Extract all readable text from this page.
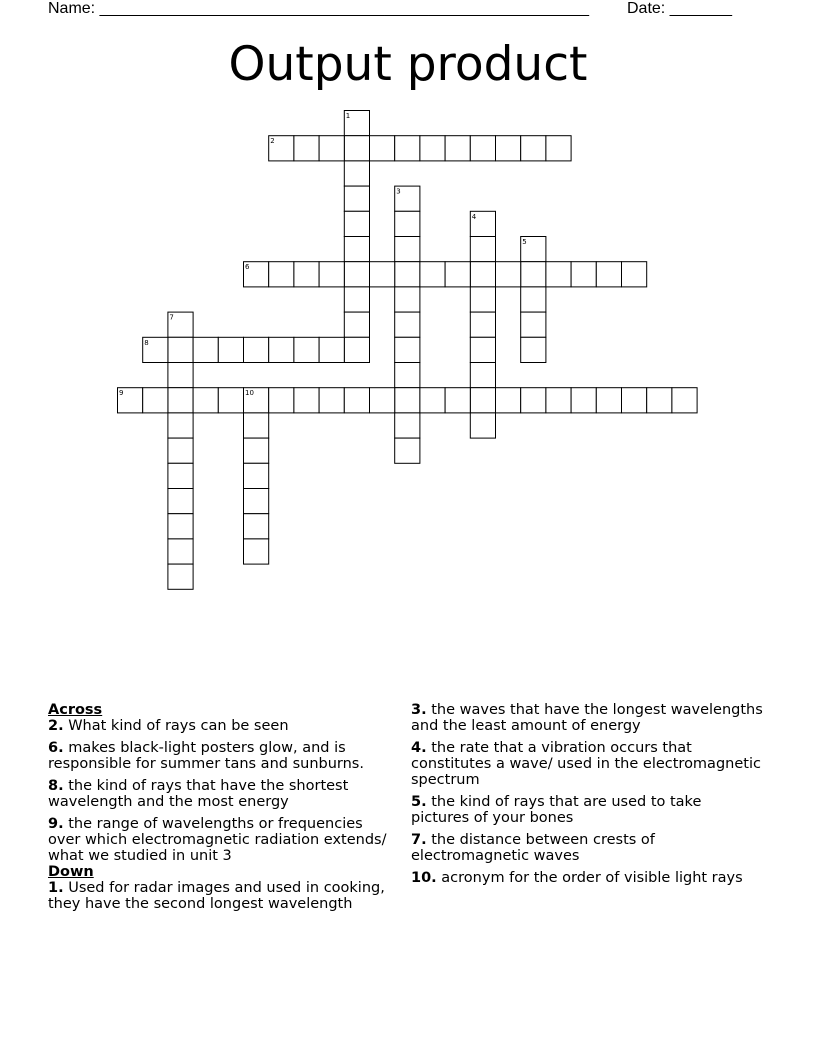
Name: _______________________________________________________ Date: _______
Output product
1
2
3
4
5
6
7
8
9	10
Across
2. What kind of rays can be seen
6. makes black-light posters glow, and is responsible for summer tans and sunburns.
8. the kind of rays that have the shortest wavelength and the most energy
9. the range of wavelengths or frequencies over which electromagnetic radiation extends/ what we studied in unit 3
Down
1. Used for radar images and used in cooking, they have the second longest wavelength
3. the waves that have the longest wavelengths and the least amount of energy
4. the rate that a vibration occurs that constitutes a wave/ used in the electromagnetic spectrum
5. the kind of rays that are used to take pictures of your bones
7. the distance between crests of electromagnetic waves
10. acronym for the order of visible light rays
